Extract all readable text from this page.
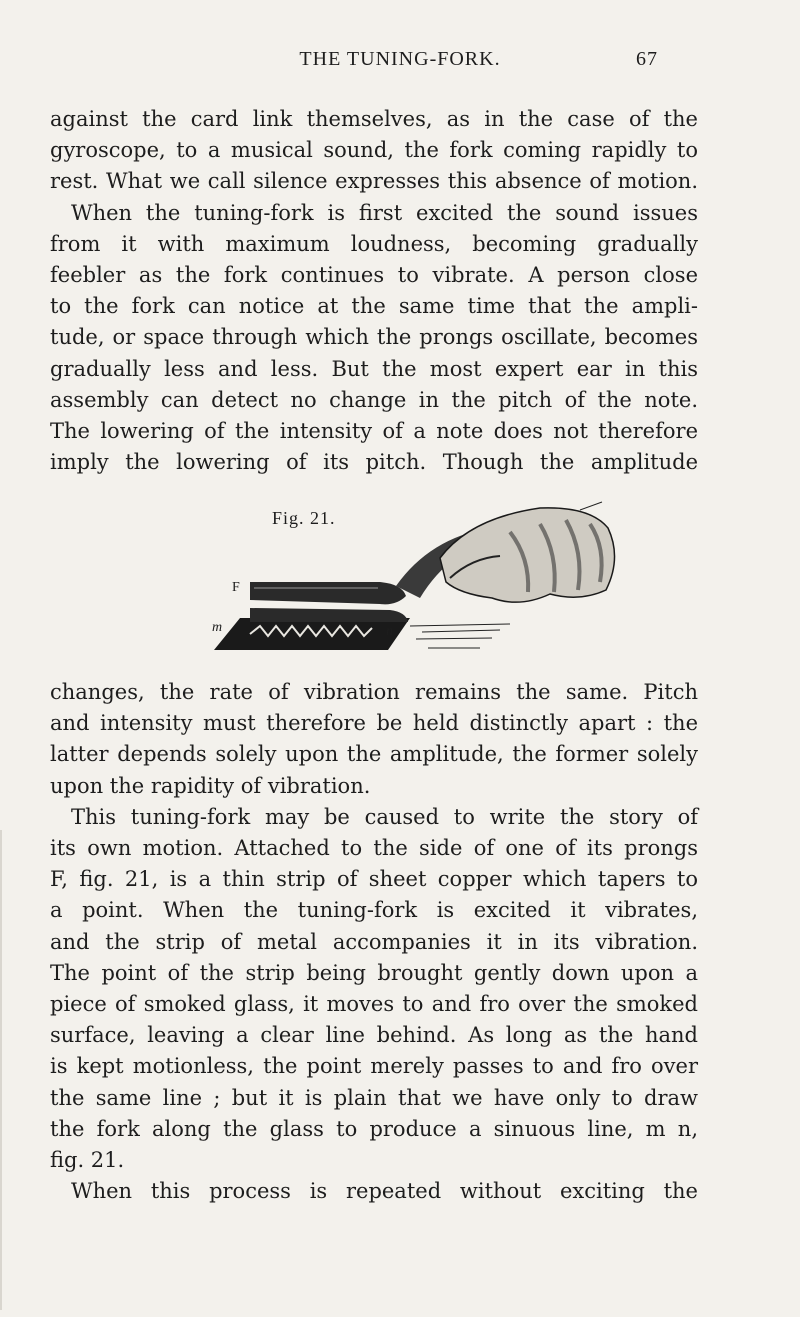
THE TUNING-FORK.	67
against the card link themselves, as in the case of the
gyroscope, to a musical sound, the fork coming rapidly to
rest. What we call silence expresses this absence of motion.
When the tuning-fork is first excited the sound issues
from it with maximum loudness, becoming gradually
feebler as the fork continues to vibrate. A person close
to the fork can notice at the same time that the ampli-
tude, or space through which the prongs oscillate, becomes
gradually less and less. But the most expert ear in this
assembly can detect no change in the pitch of the note.
The lowering of the intensity of a note does not therefore
imply the lowering of its pitch. Though the amplitude
Fig. 21.
F
m	n
changes, the rate of vibration remains the same. Pitch
and intensity must therefore be held distinctly apart : the
latter depends solely upon the amplitude, the former solely
upon the rapidity of vibration.
This tuning-fork may be caused to write the story of
its own motion. Attached to the side of one of its prongs
F, fig. 21, is a thin strip of sheet copper which tapers to
a point. When the tuning-fork is excited it vibrates,
and the strip of metal accompanies it in its vibration.
The point of the strip being brought gently down upon a
piece of smoked glass, it moves to and fro over the smoked
surface, leaving a clear line behind. As long as the hand
is kept motionless, the point merely passes to and fro over
the same line ; but it is plain that we have only to draw
the fork along the glass to produce a sinuous line, m n,
fig. 21.
When this process is repeated without exciting the
